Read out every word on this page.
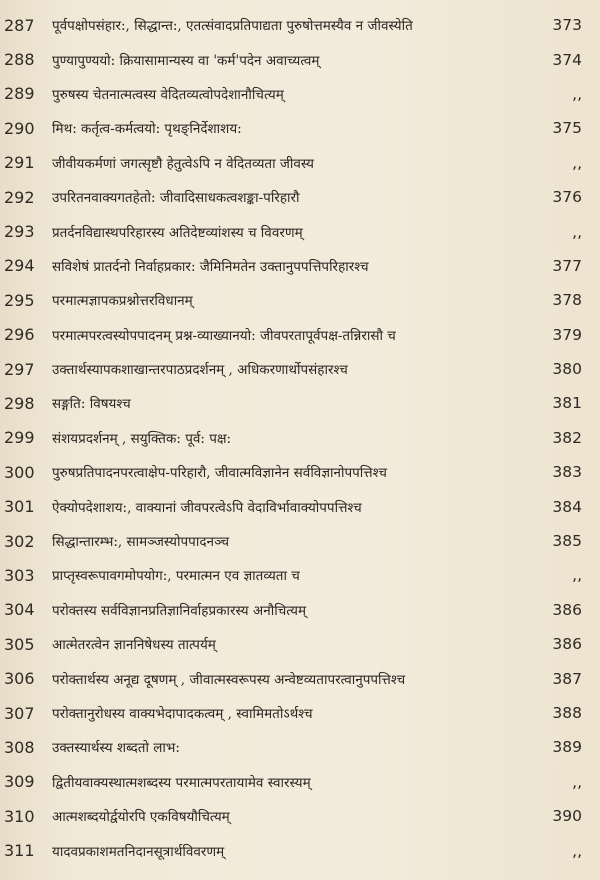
287	पूर्वपक्षोपसंहार:, सिद्धान्त:, एतत्संवादप्रतिपाद्यता पुरुषोत्तमस्यैव न जीवस्येति	373
288	पुण्यापुण्ययो: क्रियासामान्यस्य वा 'कर्म'पदेन अवाच्यत्वम्	374
289	पुरुषस्य चेतनात्मत्वस्य वेदितव्यत्वोपदेशानौचित्यम्	,,
290	मिथ: कर्तृत्व-कर्मत्वयो: पृथङ्निर्देशाशय:	375
291	जीवीयकर्मणां जगत्सृष्टौ हेतुत्वेऽपि न वेदितव्यता जीवस्य	,,
292	उपरितनवाक्यगतहेतो: जीवादिसाधकत्वशङ्का-परिहारौ	376
293	प्रतर्दनविद्यास्थपरिहारस्य अतिदेष्टव्यांशस्य च विवरणम्	,,
294	सविशेषं प्रातर्दनो निर्वाहप्रकार: जैमिनिमतेन उक्तानुपपत्तिपरिहारश्च	377
295	परमात्मज्ञापकप्रश्नोत्तरविधानम्	378
296	परमात्मपरत्वस्योपपादनम् प्रश्न-व्याख्यानयो: जीवपरतापूर्वपक्ष-तन्निरासौ च	379
297	उक्तार्थस्यापकशाखान्तरपाठप्रदर्शनम् , अधिकरणार्थोपसंहारश्च	380
298	सङ्गति: विषयश्च	381
299	संशयप्रदर्शनम् , सयुक्तिक: पूर्व: पक्ष:	382
300	पुरुषप्रतिपादनपरत्वाक्षेप-परिहारौ, जीवात्मविज्ञानेन सर्वविज्ञानोपपत्तिश्च	383
301	ऐक्योपदेशाशय:, वाक्यानां जीवपरत्वेऽपि वेदाविर्भावाक्योपपत्तिश्च	384
302	सिद्धान्तारम्भ:, सामञ्जस्योपपादनञ्च	385
303	प्राप्तृस्वरूपावगमोपयोग:, परमात्मन एव ज्ञातव्यता च	,,
304	परोक्तस्य सर्वविज्ञानप्रतिज्ञानिर्वाहप्रकारस्य अनौचित्यम्	386
305	आत्मेतरत्वेन ज्ञाननिषेधस्य तात्पर्यम्	386
306	परोक्तार्थस्य अनूद्य दूषणम् , जीवात्मस्वरूपस्य अन्वेष्टव्यतापरत्वानुपपत्तिश्च	387
307	परोक्तानुरोधस्य वाक्यभेदापादकत्वम् , स्वामिमतोऽर्थश्च	388
308	उक्तस्यार्थस्य शब्दतो लाभ:	389
309	द्वितीयवाक्यस्थात्मशब्दस्य परमात्मपरतायामेव स्वारस्यम्	,,
310	आत्मशब्दयोर्द्वयोरपि एकविषयौचित्यम्	390
311	यादवप्रकाशमतनिदानसूत्रार्थविवरणम्	,,
